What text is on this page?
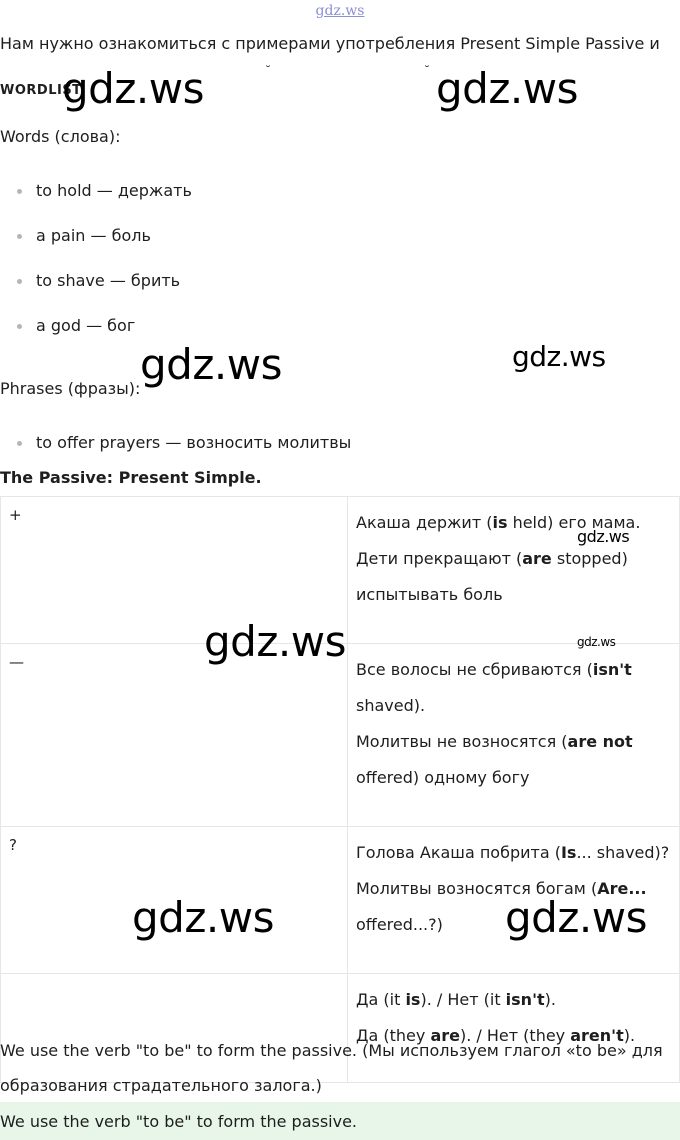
gdz.ws
Нам нужно ознакомиться с примерами употребления Present Simple Passive и
WORDLIST
˘	˘
Words (слова):
to hold — держать
a pain — боль
to shave — брить
a god — бог
Phrases (фразы):
to offer prayers — возносить молитвы
The Passive: Present Simple.
+	Акаша держит (is held) его мама.
Дети прекращают (are stopped)
испытывать боль

—	Все волосы не сбриваются (isn't
shaved).
Молитвы не возносятся (are not
offered) одному богу

?	Голова Акаша побрита (Is... shaved)?
Молитвы возносятся богам (Are...
offered...?)

	Да (it is). / Нет (it isn't).
Да (they are). / Нет (they aren't).
We use the verb "to be" to form the passive. (Мы используем глагол «to be» для
образования страдательного залога.)
We use the verb "to be" to form the passive.
gdz.ws	gdz.ws
gdz.ws	gdz.ws
gdz.ws
gdz.ws	gdz.ws
gdz.ws	gdz.ws
